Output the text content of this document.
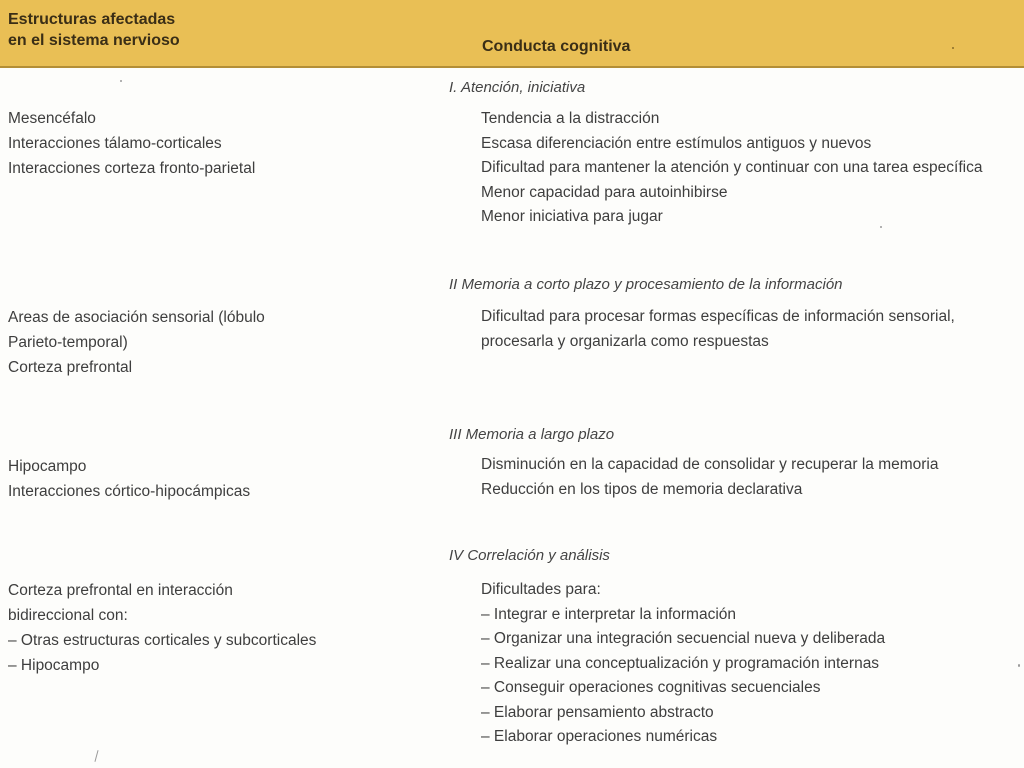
Estructuras afectadas
en el sistema nervioso	Conducta cognitiva
I. Atención, iniciativa
Mesencéfalo
Interacciones tálamo-corticales
Interacciones corteza fronto-parietal
Tendencia a la distracción
Escasa diferenciación entre estímulos antiguos y nuevos
Dificultad para mantener la atención y continuar con una tarea específica
Menor capacidad para autoinhibirse
Menor iniciativa para jugar
II Memoria a corto plazo y procesamiento de la información
Areas de asociación sensorial (lóbulo
Parieto-temporal)
Corteza prefrontal
Dificultad para procesar formas específicas de información sensorial,
procesarla y organizarla como respuestas
III Memoria a largo plazo
Hipocampo
Interacciones córtico-hipocámpicas
Disminución en la capacidad de consolidar y recuperar la memoria
Reducción en los tipos de memoria declarativa
IV Correlación y análisis
Corteza prefrontal en interacción
bidireccional con:
– Otras estructuras corticales y subcorticales
– Hipocampo
Dificultades para:
– Integrar e interpretar la información
– Organizar una integración secuencial nueva y deliberada
– Realizar una conceptualización y programación internas
– Conseguir operaciones cognitivas secuenciales
– Elaborar pensamiento abstracto
– Elaborar operaciones numéricas
